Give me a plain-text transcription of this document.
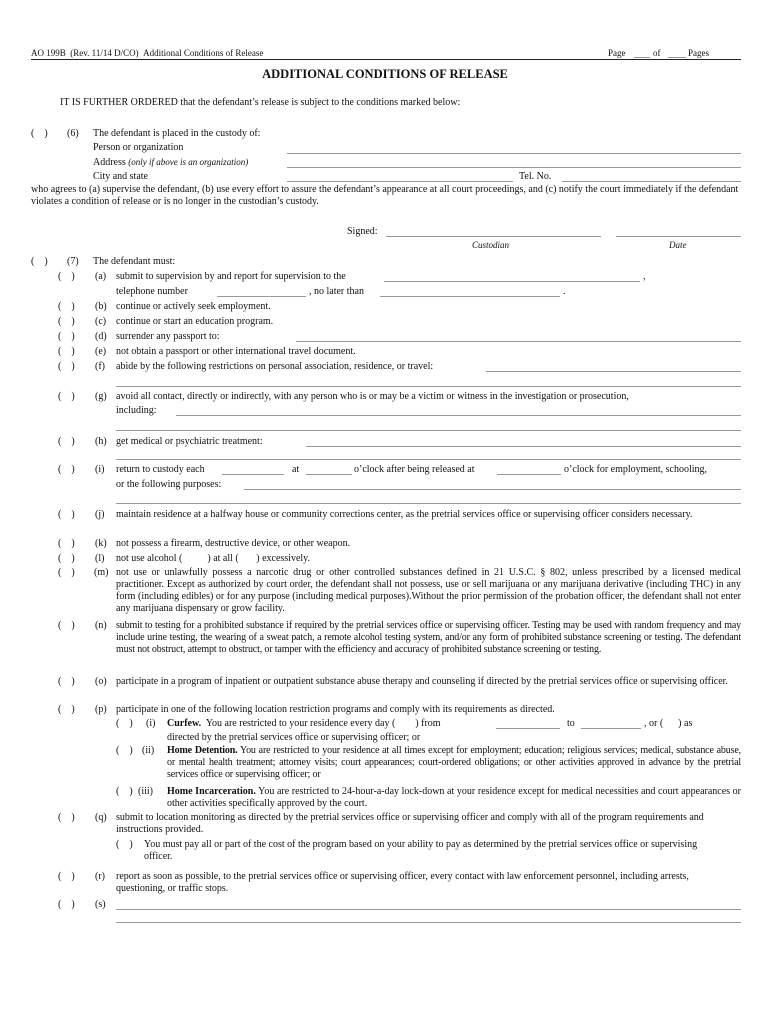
AO 199B (Rev. 11/14 D/CO) Additional Conditions of Release	Page	of	Pages
ADDITIONAL CONDITIONS OF RELEASE
IT IS FURTHER ORDERED that the defendant’s release is subject to the conditions marked below:
( ) (6) The defendant is placed in the custody of:
Person or organization
Address (only if above is an organization)
City and state	Tel. No.
who agrees to (a) supervise the defendant, (b) use every effort to assure the defendant’s appearance at all court proceedings, and (c) notify the court immediately if the defendant violates a condition of release or is no longer in the custodian’s custody.
Signed:
Custodian	Date
( ) (7) The defendant must:
( ) (a) submit to supervision by and report for supervision to the	,
telephone number	, no later than	.
( ) (b) continue or actively seek employment.
( ) (c) continue or start an education program.
( ) (d) surrender any passport to:
( ) (e) not obtain a passport or other international travel document.
( ) (f) abide by the following restrictions on personal association, residence, or travel:
( ) (g) avoid all contact, directly or indirectly, with any person who is or may be a victim or witness in the investigation or prosecution,
including:
( ) (h) get medical or psychiatric treatment:
( ) (i) return to custody each	at	o’clock after being released at	o’clock for employment, schooling,
or the following purposes:
( ) (j) maintain residence at a halfway house or community corrections center, as the pretrial services office or supervising officer considers necessary.
( ) (k) not possess a firearm, destructive device, or other weapon.
( ) (l) not use alcohol (	) at all ( ) excessively.
( ) (m) not use or unlawfully possess a narcotic drug or other controlled substances defined in 21 U.S.C. § 802, unless prescribed by a licensed medical practitioner. Except as authorized by court order, the defendant shall not possess, use or sell marijuana or any marijuana derivative (including THC) in any form (including edibles) or for any purpose (including medical purposes).Without the prior permission of the probation officer, the defendant shall not enter any marijuana dispensary or grow facility.
( ) (n) submit to testing for a prohibited substance if required by the pretrial services office or supervising officer. Testing may be used with random frequency and may include urine testing, the wearing of a sweat patch, a remote alcohol testing system, and/or any form of prohibited substance screening or testing. The defendant must not obstruct, attempt to obstruct, or tamper with the efficiency and accuracy of prohibited substance screening or testing.
( ) (o) participate in a program of inpatient or outpatient substance abuse therapy and counseling if directed by the pretrial services office or supervising officer.
( ) (p) participate in one of the following location restriction programs and comply with its requirements as directed.
( ) (i) Curfew. You are restricted to your residence every day ( ) from	to	, or ( ) as
directed by the pretrial services office or supervising officer; or
( ) (ii) Home Detention. You are restricted to your residence at all times except for employment; education; religious services; medical, substance abuse, or mental health treatment; attorney visits; court appearances; court-ordered obligations; or other activities approved in advance by the pretrial services office or supervising officer; or
( ) (iii) Home Incarceration. You are restricted to 24-hour-a-day lock-down at your residence except for medical necessities and court appearances or other activities specifically approved by the court.
( ) (q) submit to location monitoring as directed by the pretrial services office or supervising officer and comply with all of the program requirements and instructions provided.
( ) You must pay all or part of the cost of the program based on your ability to pay as determined by the pretrial services office or supervising officer.
( ) (r) report as soon as possible, to the pretrial services office or supervising officer, every contact with law enforcement personnel, including arrests, questioning, or traffic stops.
( ) (s)
